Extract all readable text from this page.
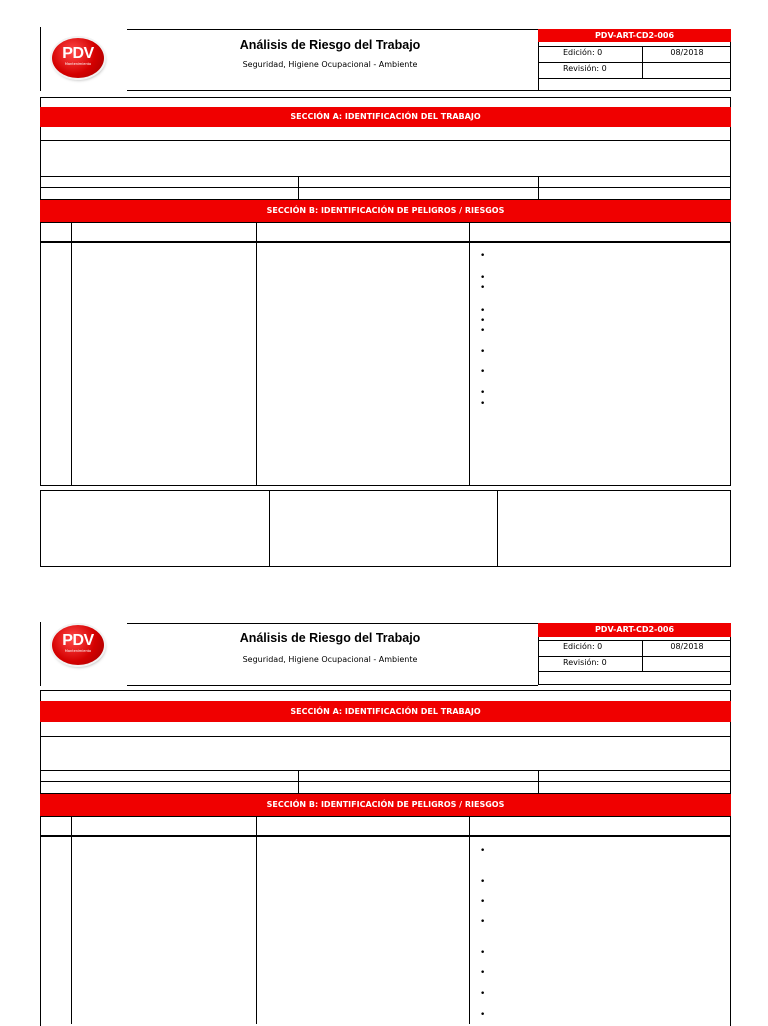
PDV
Mantenimiento
Análisis de Riesgo del Trabajo
Seguridad, Higiene Ocupacional - Ambiente
PDV-ART-CD2-006
Edición: 0	08/2018
Revisión: 0
SECCIÓN A: IDENTIFICACIÓN DEL TRABAJO
SECCIÓN B: IDENTIFICACIÓN DE PELIGROS / RIESGOS
•
•
•
•
•
•
•
•
•
•
PDV
Mantenimiento
Análisis de Riesgo del Trabajo
Seguridad, Higiene Ocupacional - Ambiente
PDV-ART-CD2-006
Edición: 0	08/2018
Revisión: 0
SECCIÓN A: IDENTIFICACIÓN DEL TRABAJO
SECCIÓN B: IDENTIFICACIÓN DE PELIGROS / RIESGOS
•
•
•
•
•
•
•
•
